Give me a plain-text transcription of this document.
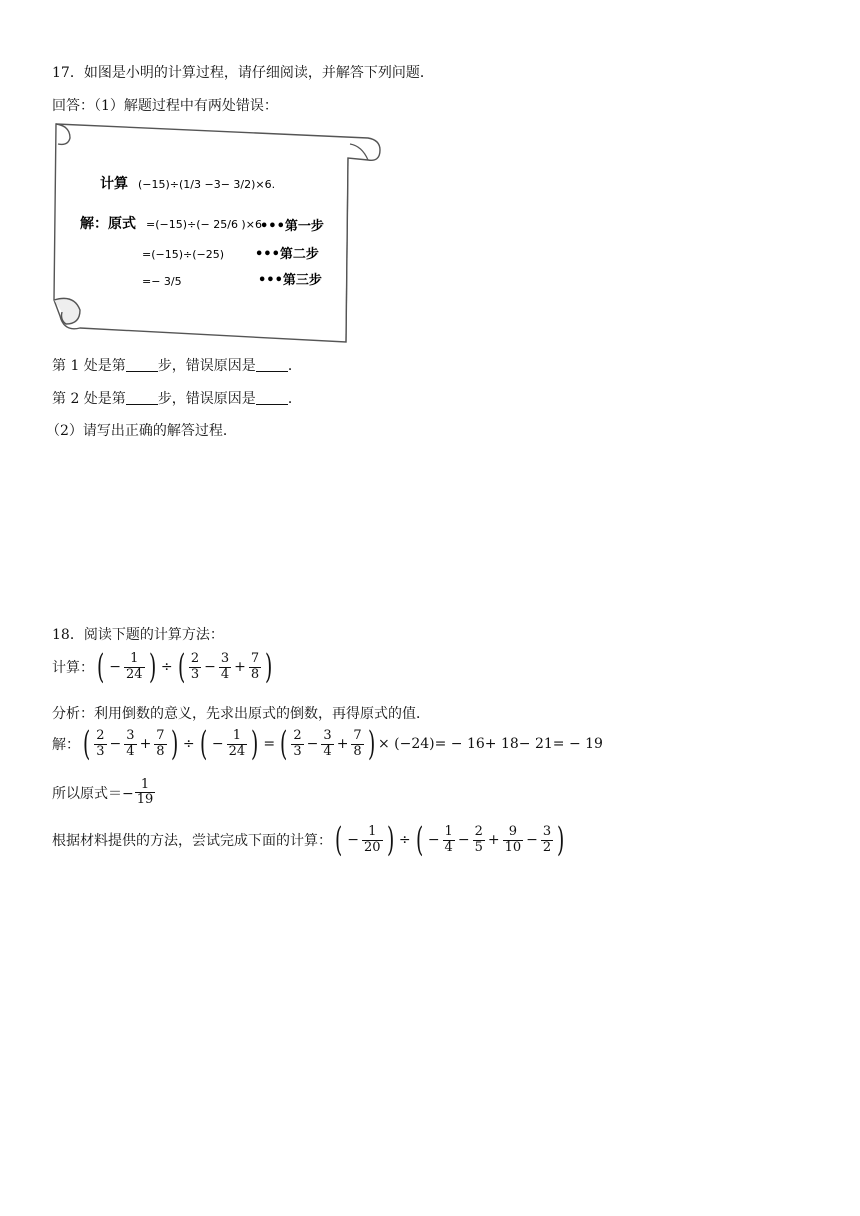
17．如图是小明的计算过程，请仔细阅读，并解答下列问题．
回答：（1）解题过程中有两处错误：
计算 (−15)÷(1/3 −3− 3/2)×6.
解：原式 =(−15)÷(− 25/6 )×6
•••第一步
=(−15)÷(−25) •••第二步
=− 3/5	•••第三步
第 1 处是第 步，错误原因是 ．
第 2 处是第 步，错误原因是 ．
（2）请写出正确的解答过程．
18．阅读下题的计算方法：
计算： ( − $\frac{1}{24}$ ) ÷ ( $\frac{2}{3} - \frac{3}{4} + \frac{7}{8}$ )
分析：利用倒数的意义，先求出原式的倒数，再得原式的值．
解： ( $\frac{2}{3} - \frac{3}{4} + \frac{7}{8}$ ) ÷ ( − $\frac{1}{24}$ ) = ( $\frac{2}{3} - \frac{3}{4} + \frac{7}{8}$ ) × (−24)= − 16+ 18− 21= − 19
所以原式＝− $\frac{1}{19}$
根据材料提供的方法，尝试完成下面的计算： ( − $\frac{1}{20}$ ) ÷ ( − $\frac{1}{4} - \frac{2}{5} + \frac{9}{10} - \frac{3}{2}$ )
